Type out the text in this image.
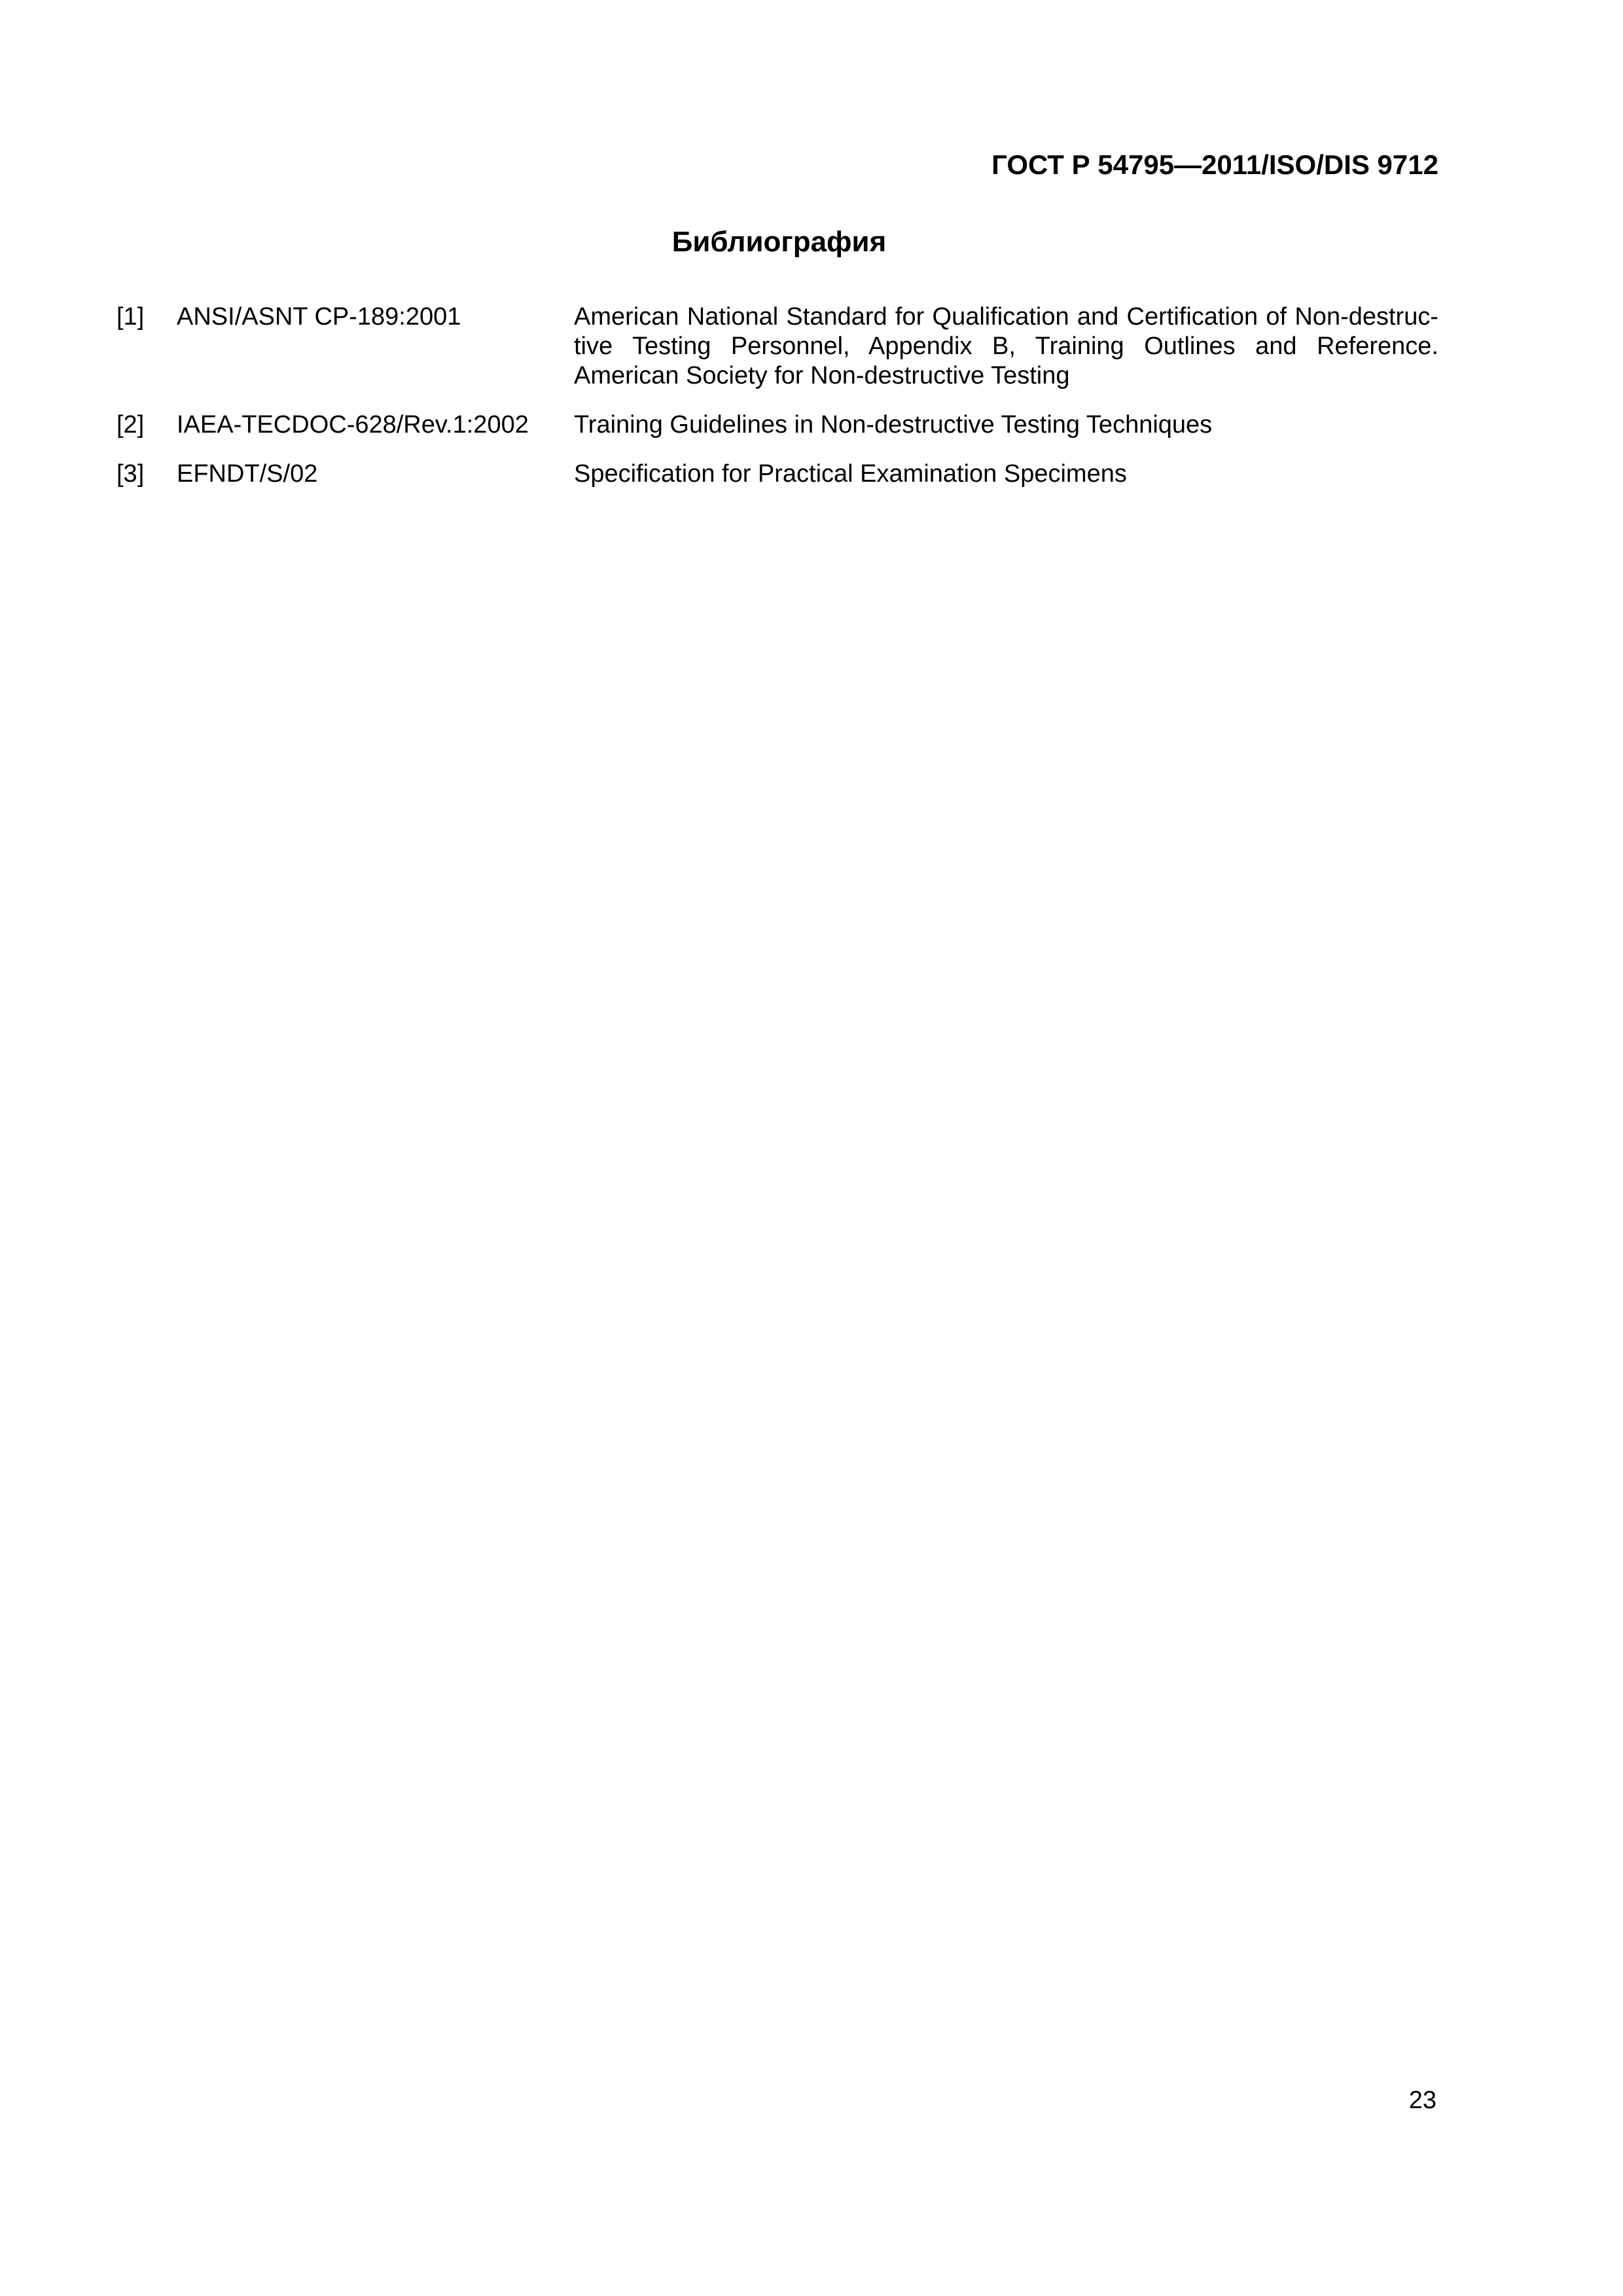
ГОСТ Р 54795—2011/ISO/DIS 9712
Библиография
[1] ANSI/ASNT CP-189:2001	American National Standard for Qualification and Certification of Non-destructive Testing Personnel, Appendix B, Training Outlines and Reference. American Society for Non-destructive Testing
[2] IAEA-TECDOC-628/Rev.1:2002 Training Guidelines in Non-destructive Testing Techniques
[3] EFNDT/S/02	Specification for Practical Examination Specimens
23
